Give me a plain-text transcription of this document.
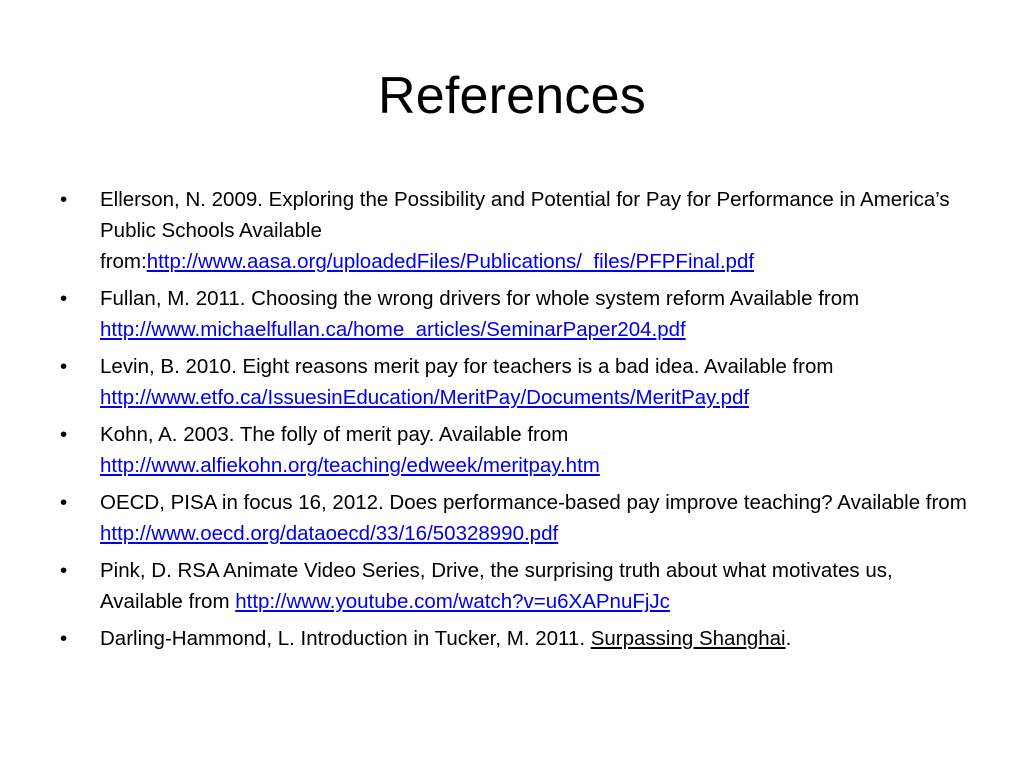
References
•	Ellerson, N. 2009. Exploring the Possibility and Potential for Pay for Performance in America’s Public Schools Available from:http://www.aasa.org/uploadedFiles/Publications/_files/PFPFinal.pdf
•	Fullan, M. 2011. Choosing the wrong drivers for whole system reform Available from http://www.michaelfullan.ca/home_articles/SeminarPaper204.pdf
•	Levin, B. 2010. Eight reasons merit pay for teachers is a bad idea. Available from http://www.etfo.ca/IssuesinEducation/MeritPay/Documents/MeritPay.pdf
•	Kohn, A. 2003. The folly of merit pay. Available from http://www.alfiekohn.org/teaching/edweek/meritpay.htm
•	OECD, PISA in focus 16, 2012. Does performance-based pay improve teaching? Available from http://www.oecd.org/dataoecd/33/16/50328990.pdf
•	Pink, D. RSA Animate Video Series, Drive, the surprising truth about what motivates us, Available from http://www.youtube.com/watch?v=u6XAPnuFjJc
•	Darling-Hammond, L. Introduction in Tucker, M. 2011. Surpassing Shanghai.
